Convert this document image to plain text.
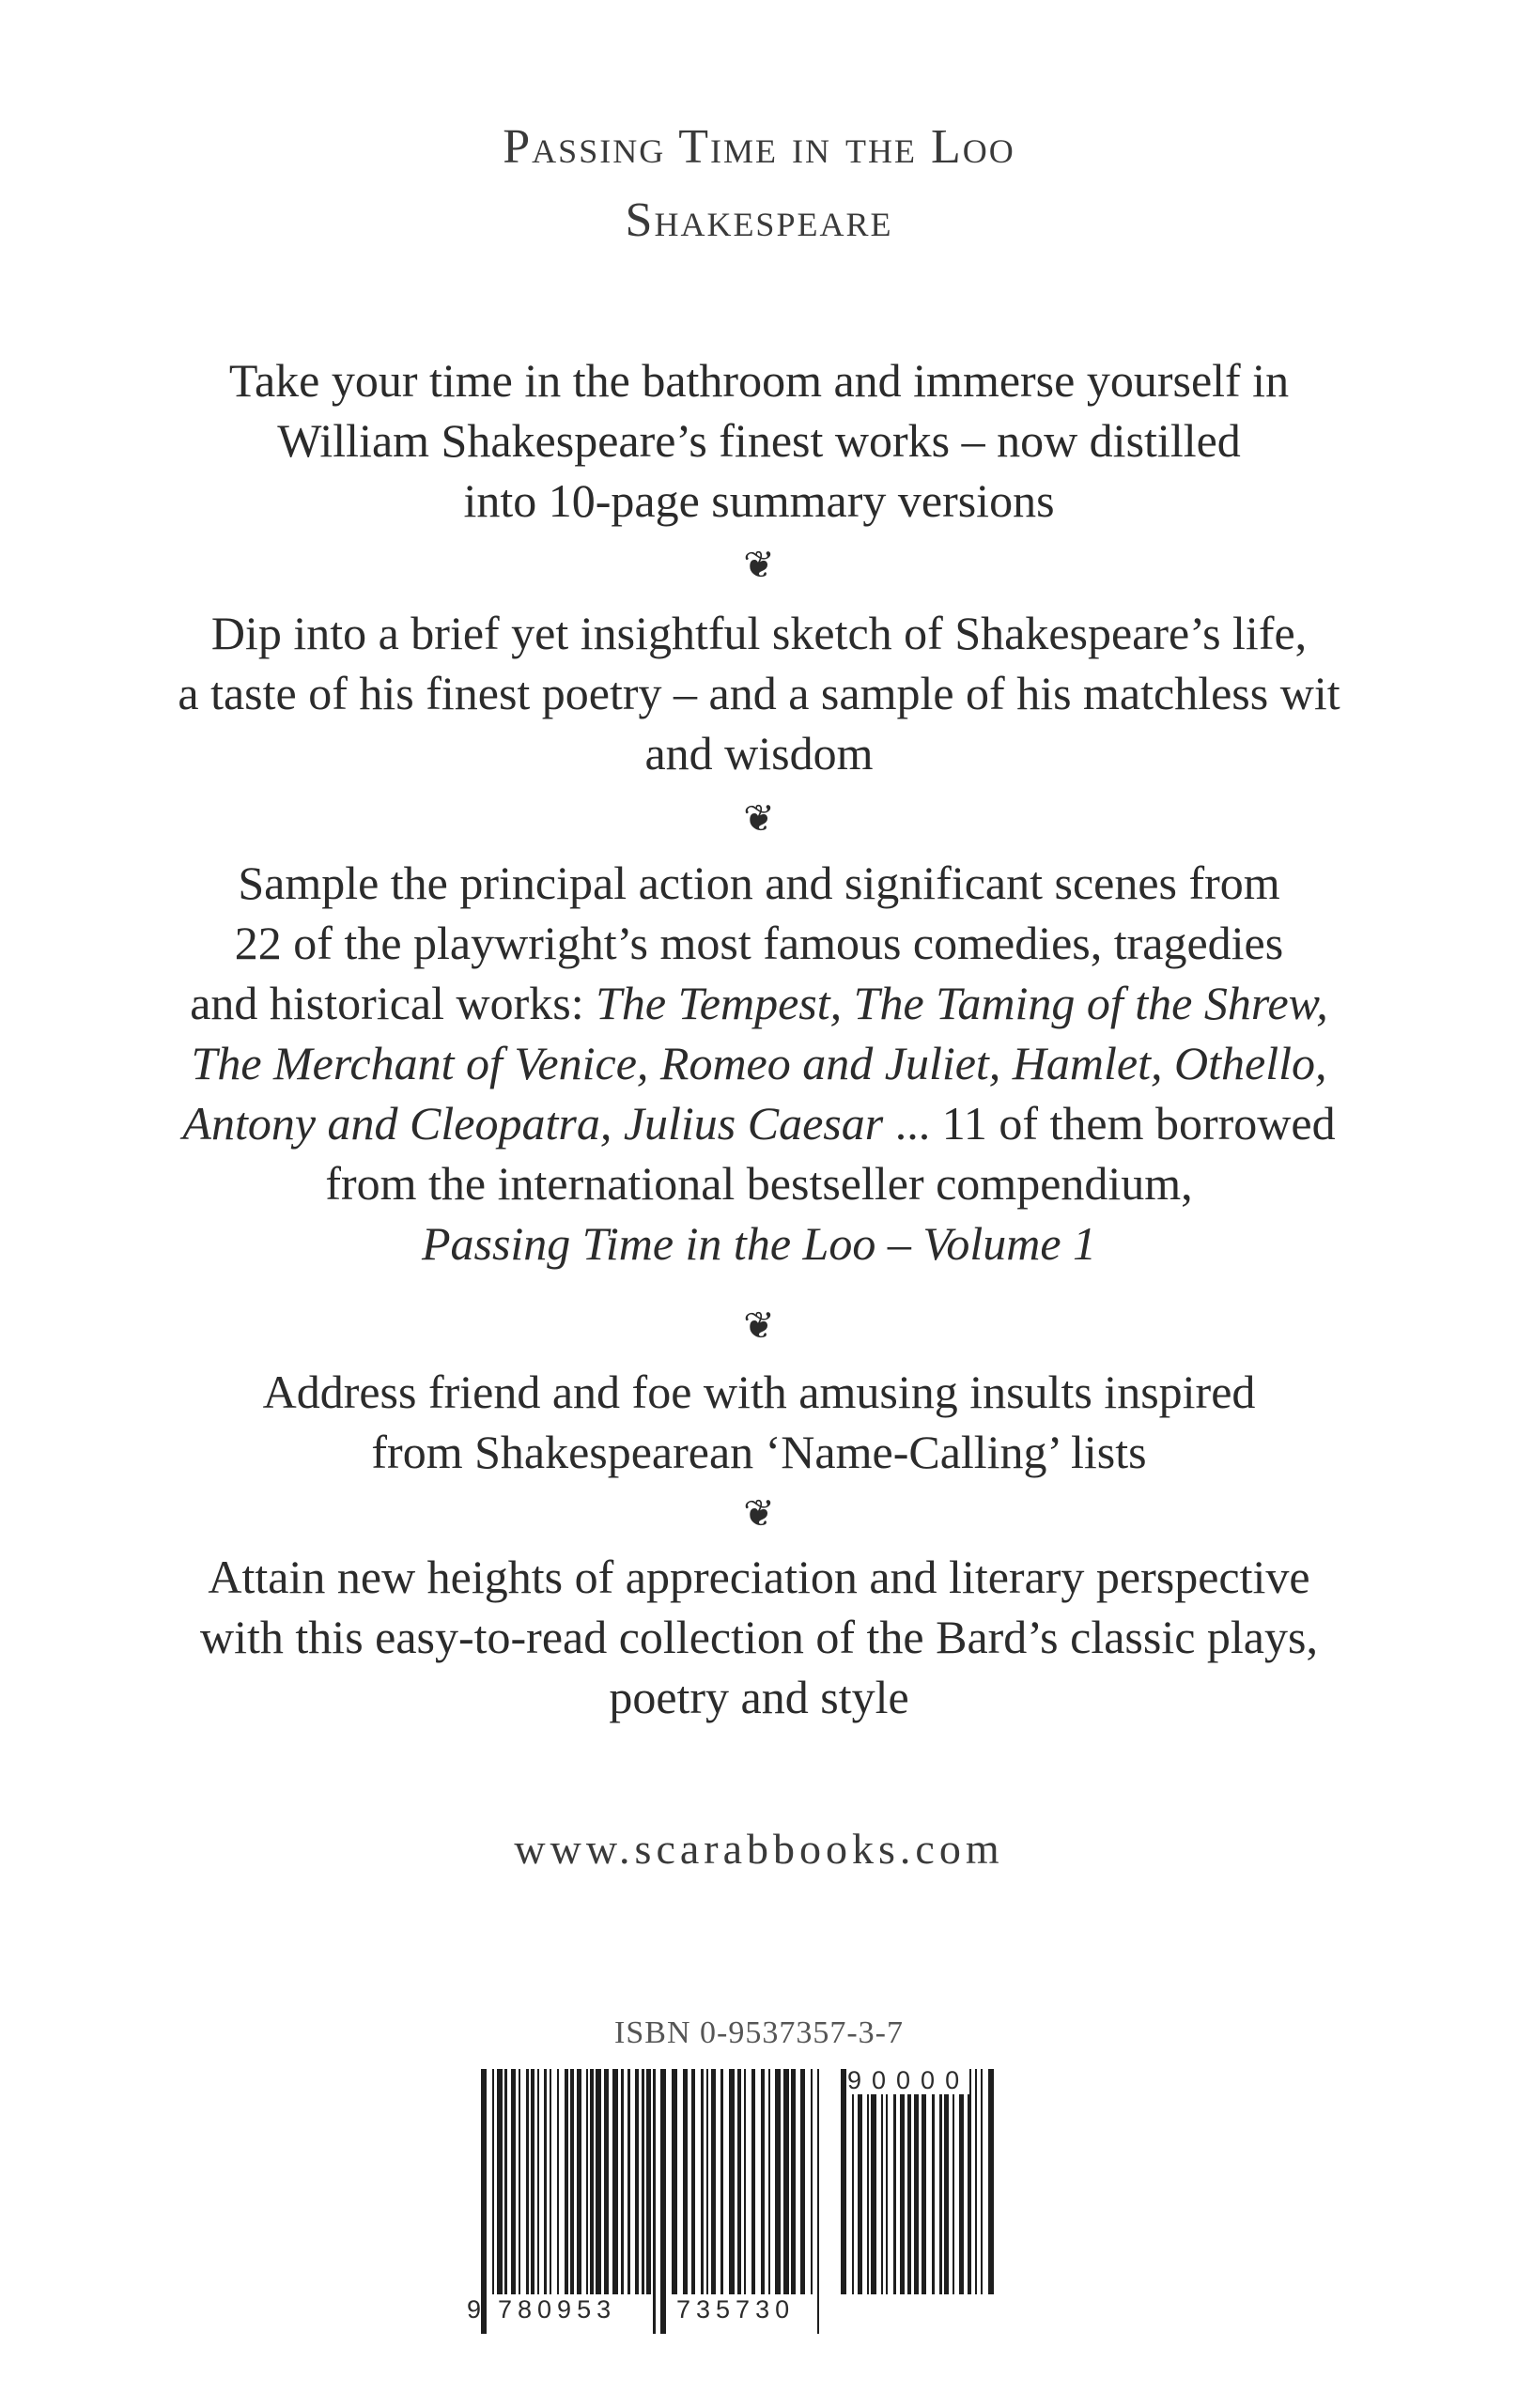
Passing Time in the Loo
Shakespeare
Take your time in the bathroom and immerse yourself in
William Shakespeare’s finest works – now distilled
into 10-page summary versions
❦
Dip into a brief yet insightful sketch of Shakespeare’s life,
a taste of his finest poetry – and a sample of his matchless wit
and wisdom
❦
Sample the principal action and significant scenes from
22 of the playwright’s most famous comedies, tragedies
and historical works: The Tempest, The Taming of the Shrew,
The Merchant of Venice, Romeo and Juliet, Hamlet, Othello,
Antony and Cleopatra, Julius Caesar ... 11 of them borrowed
from the international bestseller compendium,
Passing Time in the Loo – Volume 1
❦
Address friend and foe with amusing insults inspired
from Shakespearean ‘Name-Calling’ lists
❦
Attain new heights of appreciation and literary perspective
with this easy-to-read collection of the Bard’s classic plays,
poetry and style
www.scarabbooks.com
ISBN 0-9537357-3-7
9 780953 735730
90000
